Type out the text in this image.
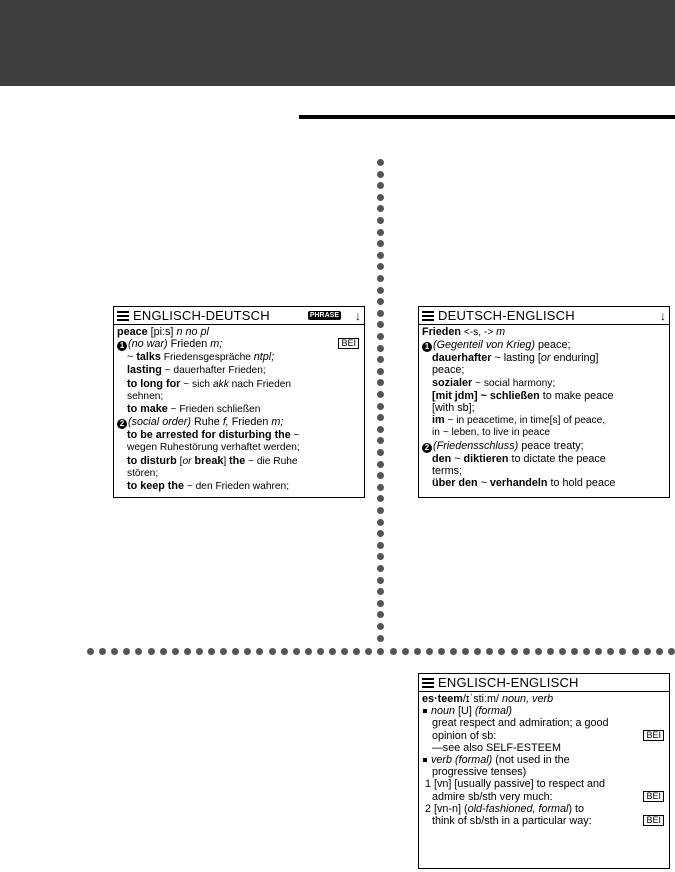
ENGLISCH-DEUTSCH	PHRASE ↓
peace [piːs] n no pl
1 (no war) Frieden m;	BEI
~ talks Friedensgespräche ntpl;
lasting ~ dauerhafter Frieden;
to long for ~ sich akk nach Frieden
sehnen;
to make ~ Frieden schließen
2 (social order) Ruhe f, Frieden m;
to be arrested for disturbing the ~
wegen Ruhestörung verhaftet werden;
to disturb [or break] the ~ die Ruhe
stören;
to keep the ~ den Frieden wahren;
DEUTSCH-ENGLISCH	↓
Frieden <-s, -> m
1 (Gegenteil von Krieg) peace;
dauerhafter ~ lasting [or enduring]
peace;
sozialer ~ social harmony;
[mit jdm] ~ schließen to make peace
[with sb];
im ~ in peacetime, in time[s] of peace,
in ~ leben, to live in peace
2 (Friedensschluss) peace treaty;
den ~ diktieren to dictate the peace
terms;
über den ~ verhandeln to hold peace
ENGLISCH-ENGLISCH
es·teem/ɪˈstiːm/ noun, verb
noun [U] (formal)
great respect and admiration; a good
opinion of sb:	BEI
—see also SELF-ESTEEM
verb (formal) (not used in the
progressive tenses)
1 [vn] [usually passive] to respect and
admire sb/sth very much:	BEI
2 [vn-n] (old-fashioned, formal) to
think of sb/sth in a particular way:	BEI
